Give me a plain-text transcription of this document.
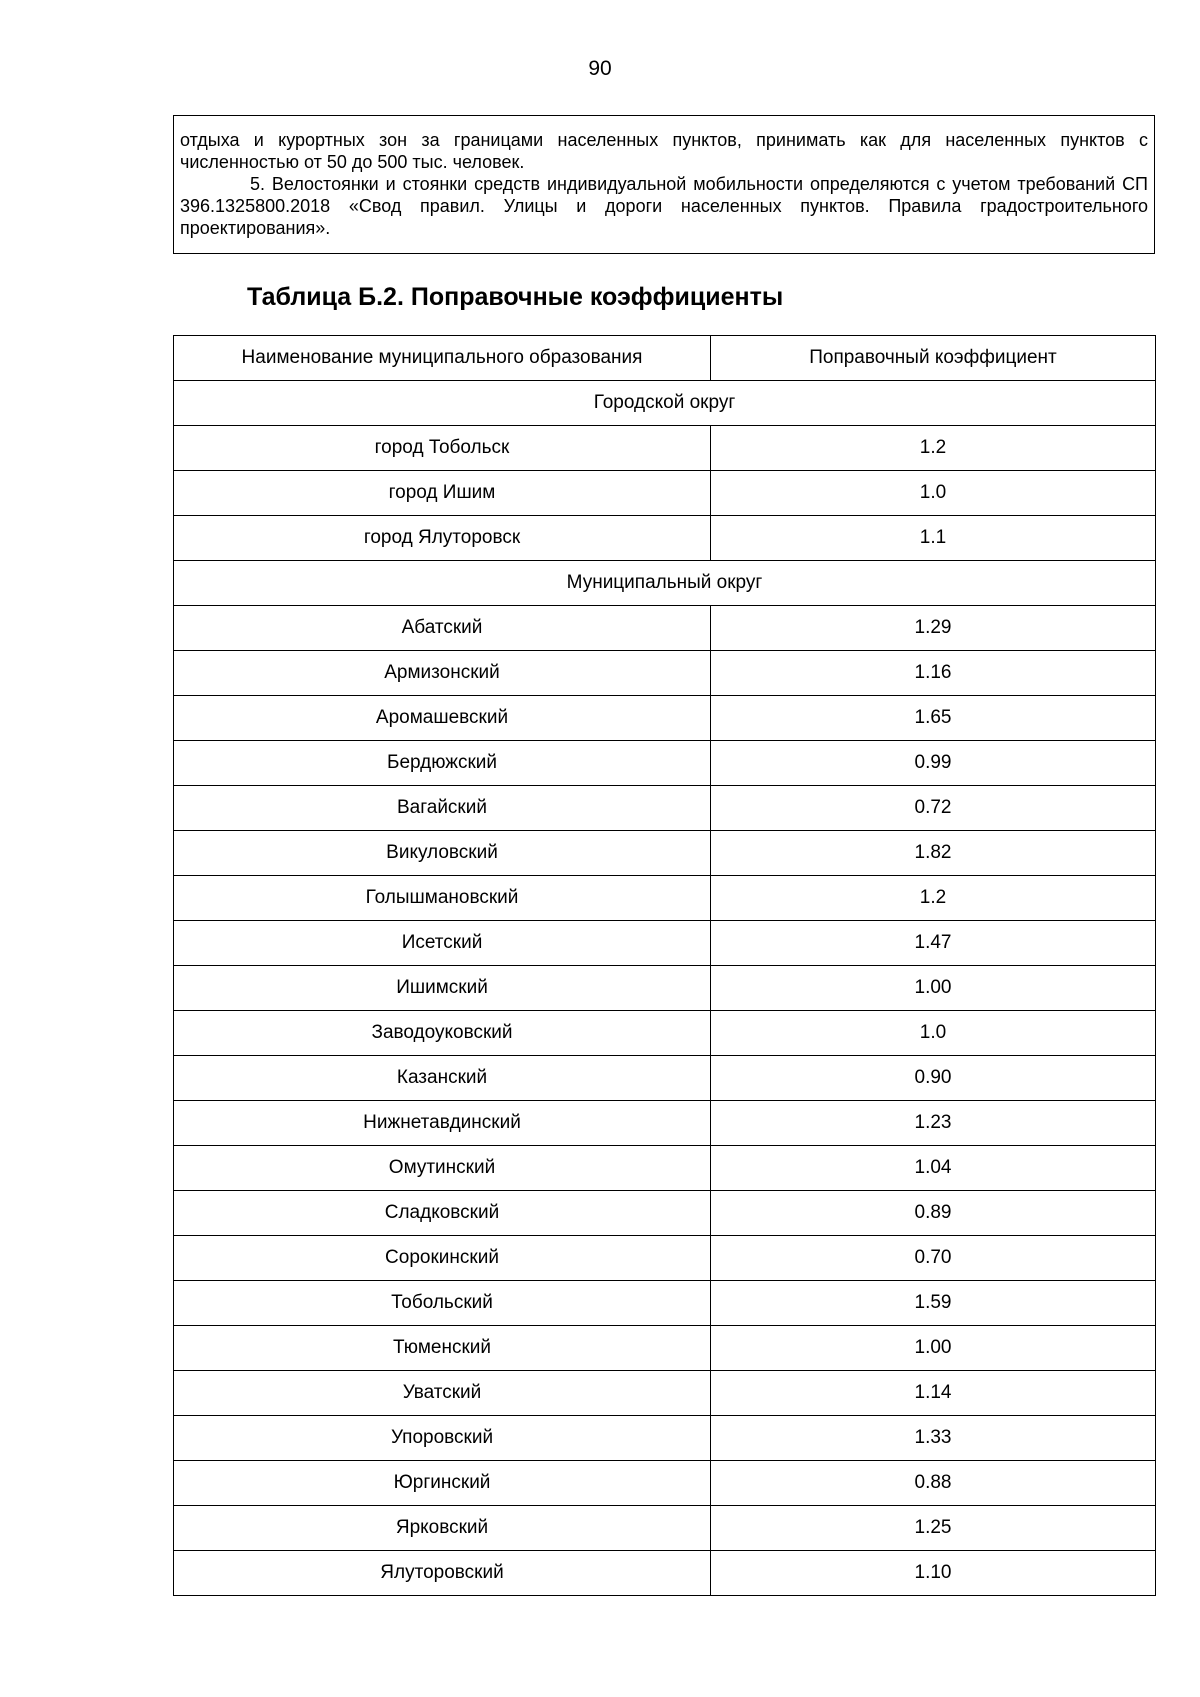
90

отдыха и курортных зон за границами населенных пунктов, принимать как для населенных пунктов с численностью от 50 до 500 тыс. человек.

5. Велостоянки и стоянки средств индивидуальной мобильности определяются с учетом требований СП 396.1325800.2018 «Свод правил. Улицы и дороги населенных пунктов. Правила градостроительного проектирования».

Таблица Б.2. Поправочные коэффициенты
Наименование муниципального образования	Поправочный коэффициент
Городской округ	
город Тобольск	1.2
город Ишим	1.0
город Ялуторовск	1.1
Муниципальный округ	
Абатский	1.29
Армизонский	1.16
Аромашевский	1.65
Бердюжский	0.99
Вагайский	0.72
Викуловский	1.82
Голышмановский	1.2
Исетский	1.47
Ишимский	1.00
Заводоуковский	1.0
Казанский	0.90
Нижнетавдинский	1.23
Омутинский	1.04
Сладковский	0.89
Сорокинский	0.70
Тобольский	1.59
Тюменский	1.00
Уватский	1.14
Упоровский	1.33
Юргинский	0.88
Ярковский	1.25
Ялуторовский	1.10
